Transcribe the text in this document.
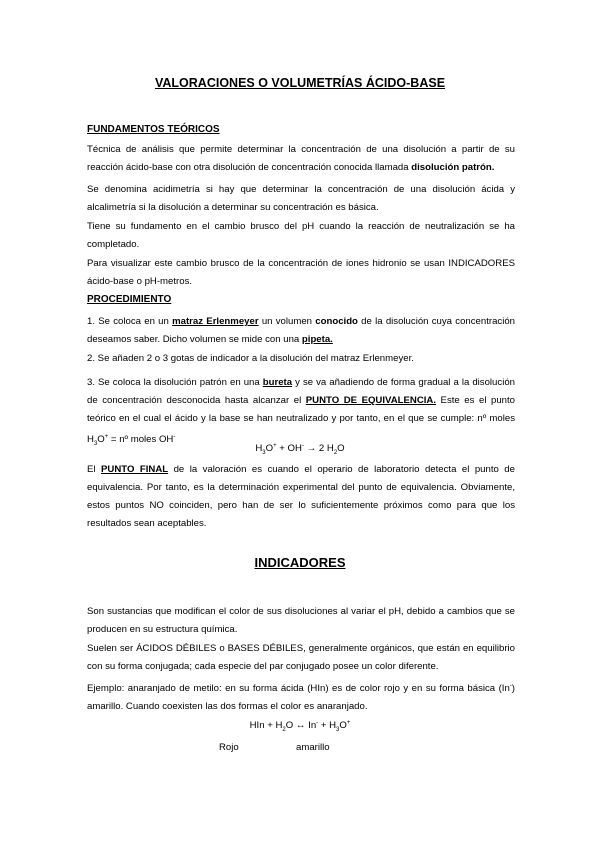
VALORACIONES O VOLUMETRÍAS ÁCIDO-BASE
FUNDAMENTOS TEÓRICOS
Técnica de análisis que permite determinar la concentración de una disolución a partir de su reacción ácido-base con otra disolución de concentración conocida llamada disolución patrón.
Se denomina acidimetría si hay que determinar la concentración de una disolución ácida y alcalimetría si la disolución a determinar su concentración es básica.
Tiene su fundamento en el cambio brusco del pH cuando la reacción de neutralización se ha completado.
Para visualizar este cambio brusco de la concentración de iones hidronio se usan INDICADORES ácido-base o pH-metros.
PROCEDIMIENTO
1. Se coloca en un matraz Erlenmeyer un volumen conocido de la disolución cuya concentración deseamos saber. Dicho volumen se mide con una pipeta.
2. Se añaden 2 o 3 gotas de indicador a la disolución del matraz Erlenmeyer.
3. Se coloca la disolución patrón en una bureta y se va añadiendo de forma gradual a la disolución de concentración desconocida hasta alcanzar el PUNTO DE EQUIVALENCIA. Este es el punto teórico en el cual el ácido y la base se han neutralizado y por tanto, en el que se cumple: nº moles $H_3O^+$ = nº moles OH-
$H_3O^+ + OH^- \to 2$ $H_2O$
El PUNTO FINAL de la valoración es cuando el operario de laboratorio detecta el punto de equivalencia. Por tanto, es la determinación experimental del punto de equivalencia. Obviamente, estos puntos NO coinciden, pero han de ser lo suficientemente próximos como para que los resultados sean aceptables.
INDICADORES
Son sustancias que modifican el color de sus disoluciones al variar el pH, debido a cambios que se producen en su estructura química.
Suelen ser ÁCIDOS DÉBILES o BASES DÉBILES, generalmente orgánicos, que están en equilibrio con su forma conjugada; cada especie del par conjugado posee un color diferente.
Ejemplo: anaranjado de metilo: en su forma ácida (HIn) es de color rojo y en su forma básica (In-) amarillo. Cuando coexisten las dos formas el color es anaranjado.
HIn + $H_2O$ ↔ $In^- + H_3O^+$
Rojo	amarillo
